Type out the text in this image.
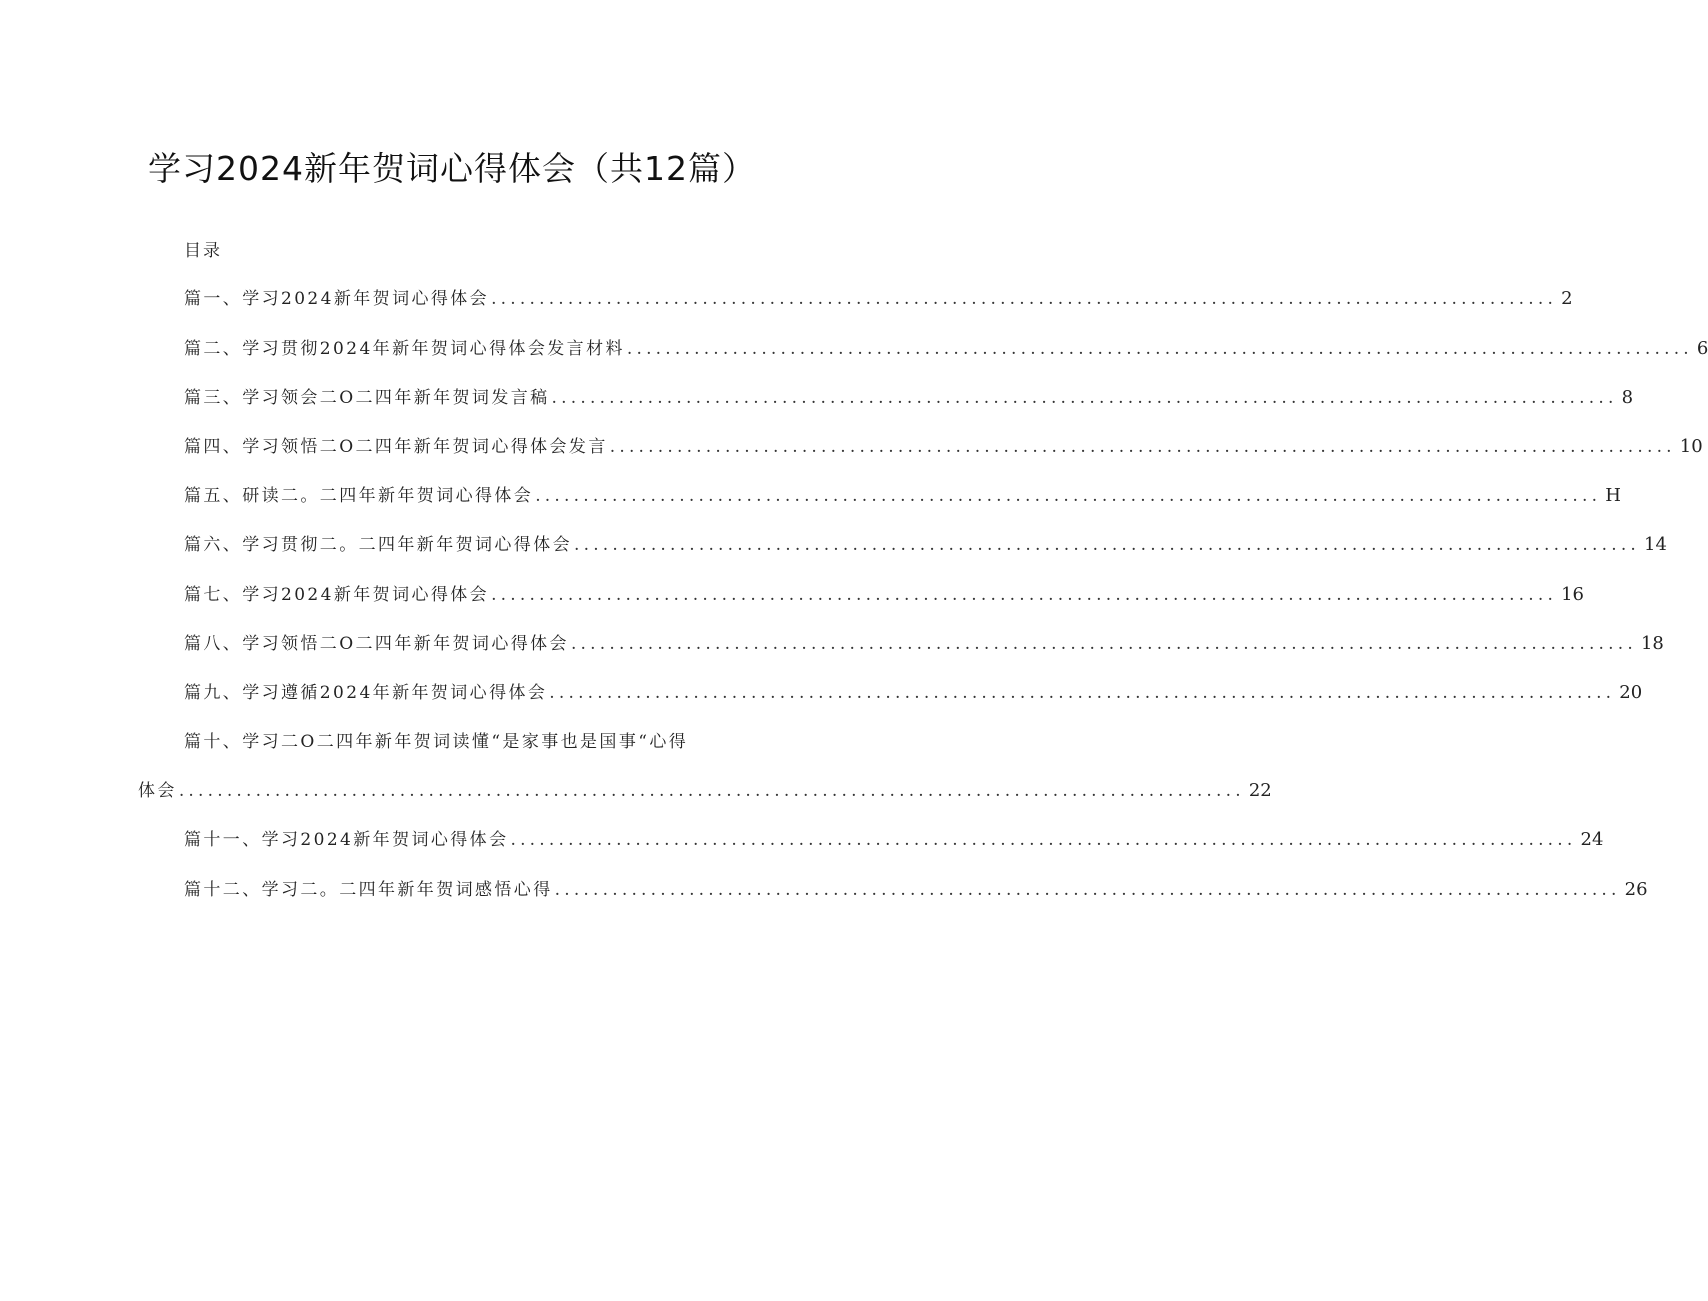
学习2024新年贺词心得体会（共12篇）
目录
篇一、学习2024新年贺词心得体会 ............................................................................................................... 2
篇二、学习贯彻2024年新年贺词心得体会发言材料 ............................................................................................................... 6
篇三、学习领会二O二四年新年贺词发言稿 ............................................................................................................... 8
篇四、学习领悟二O二四年新年贺词心得体会发言 ............................................................................................................... 10
篇五、研读二。二四年新年贺词心得体会 ............................................................................................................... H
篇六、学习贯彻二。二四年新年贺词心得体会 ............................................................................................................... 14
篇七、学习2024新年贺词心得体会 ............................................................................................................... 16
篇八、学习领悟二O二四年新年贺词心得体会 ............................................................................................................... 18
篇九、学习遵循2024年新年贺词心得体会 ............................................................................................................... 20
篇十、学习二O二四年新年贺词读懂“是家事也是国事“心得
体会 ............................................................................................................... 22
篇十一、学习2024新年贺词心得体会 ............................................................................................................... 24
篇十二、学习二。二四年新年贺词感悟心得 ............................................................................................................... 26
